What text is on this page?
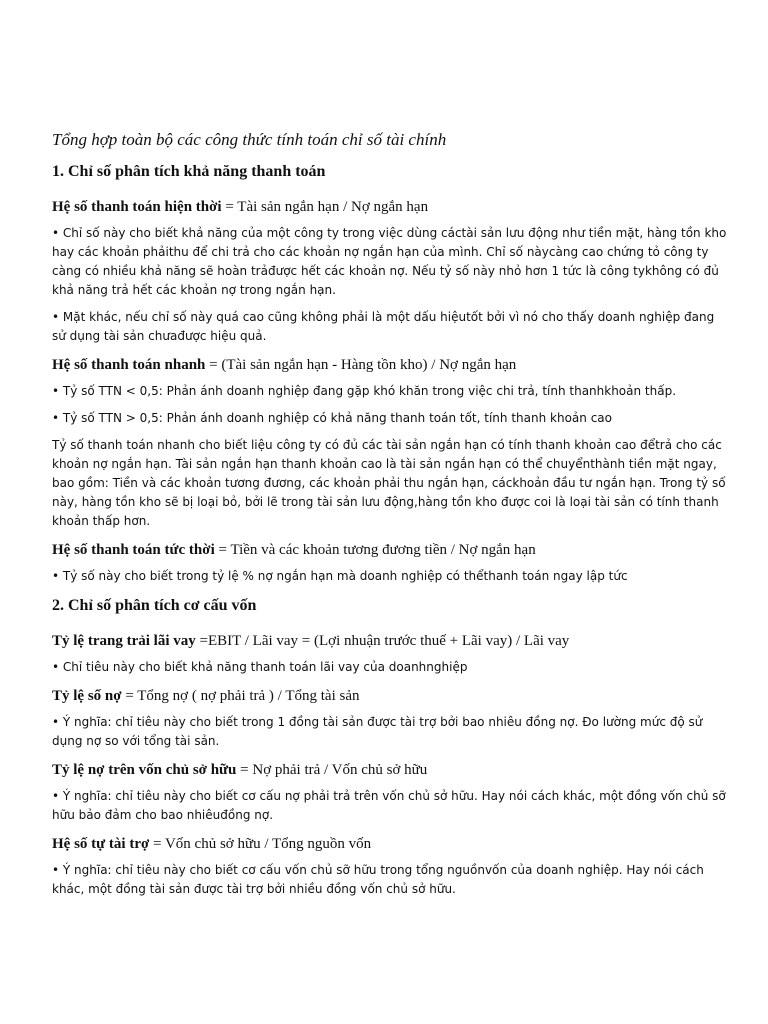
Tổng hợp toàn bộ các công thức tính toán chỉ số tài chính
1. Chỉ số phân tích khả năng thanh toán
Hệ số thanh toán hiện thời = Tài sản ngắn hạn / Nợ ngắn hạn

• Chỉ số này cho biết khả năng của một công ty trong việc dùng cáctài sản lưu động như tiền mặt, hàng tồn kho hay các khoản phảithu để chi trả cho các khoản nợ ngắn hạn của mình. Chỉ số nàycàng cao chứng tỏ công ty càng có nhiều khả năng sẽ hoàn trảđược hết các khoản nợ. Nếu tỷ số này nhỏ hơn 1 tức là công tykhông có đủ khả năng trả hết các khoản nợ trong ngắn hạn.

• Mặt khác, nếu chỉ số này quá cao cũng không phải là một dấu hiệutốt bởi vì nó cho thấy doanh nghiệp đang sử dụng tài sản chưađược hiệu quả.

Hệ số thanh toán nhanh = (Tài sản ngắn hạn - Hàng tồn kho) / Nợ ngắn hạn

• Tỷ số TTN < 0,5: Phản ánh doanh nghiệp đang gặp khó khăn trong việc chi trả, tính thanhkhoản thấp.

• Tỷ số TTN > 0,5: Phản ánh doanh nghiệp có khả năng thanh toán tốt, tính thanh khoản cao

Tỷ số thanh toán nhanh cho biết liệu công ty có đủ các tài sản ngắn hạn có tính thanh khoản cao đểtrả cho các khoản nợ ngắn hạn. Tài sản ngắn hạn thanh khoản cao là tài sản ngắn hạn có thể chuyểnthành tiền mặt ngay, bao gồm: Tiền và các khoản tương đương, các khoản phải thu ngắn hạn, cáckhoản đầu tư ngắn hạn. Trong tỷ số này, hàng tồn kho sẽ bị loại bỏ, bởi lẽ trong tài sản lưu động,hàng tồn kho được coi là loại tài sản có tính thanh khoản thấp hơn.

Hệ số thanh toán tức thời = Tiền và các khoản tương đương tiền / Nợ ngắn hạn

• Tỷ số này cho biết trong tỷ lệ % nợ ngắn hạn mà doanh nghiệp có thểthanh toán ngay lập tức

2. Chỉ số phân tích cơ cấu vốn
Tỷ lệ trang trải lãi vay =EBIT / Lãi vay = (Lợi nhuận trước thuế + Lãi vay) / Lãi vay

• Chỉ tiêu này cho biết khả năng thanh toán lãi vay của doanhnghiệp

Tỷ lệ số nợ = Tổng nợ ( nợ phải trả ) / Tổng tài sản

• Ý nghĩa: chỉ tiêu này cho biết trong 1 đồng tài sản được tài trợ bởi bao nhiêu đồng nợ. Đo lường mức độ sử dụng nợ so với tổng tài sản.

Tỷ lệ nợ trên vốn chủ sở hữu = Nợ phải trả / Vốn chủ sở hữu

• Ý nghĩa: chỉ tiêu này cho biết cơ cấu nợ phải trả trên vốn chủ sở hữu. Hay nói cách khác, một đồng vốn chủ sỡ hữu bảo đảm cho bao nhiêuđồng nợ.

Hệ số tự tài trợ = Vốn chủ sở hữu / Tổng nguồn vốn

• Ý nghĩa: chỉ tiêu này cho biết cơ cấu vốn chủ sỡ hữu trong tổng nguồnvốn của doanh nghiệp. Hay nói cách khác, một đồng tài sản được tài trợ bởi nhiều đồng vốn chủ sở hữu.
